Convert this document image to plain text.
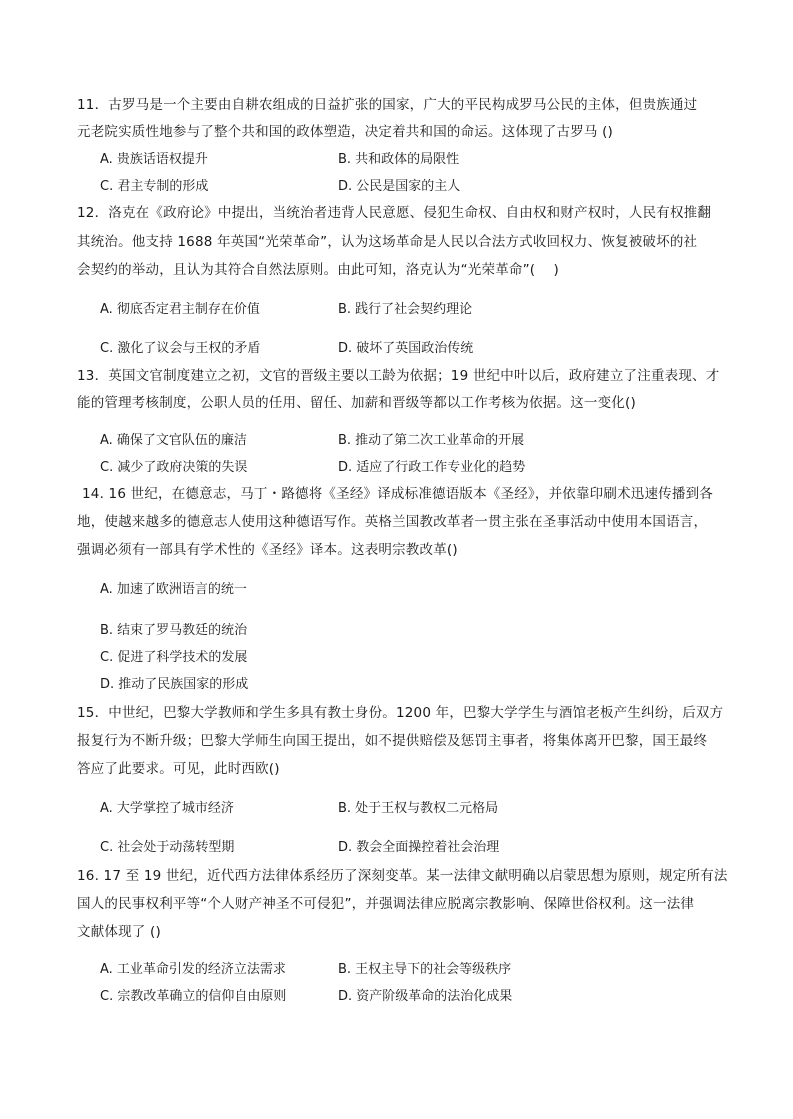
11．古罗马是一个主要由自耕农组成的日益扩张的国家，广大的平民构成罗马公民的主体，但贵族通过
元老院实质性地参与了整个共和国的政体塑造，决定着共和国的命运。这体现了古罗马 ()
A. 贵族话语权提升	B. 共和政体的局限性
C. 君主专制的形成	D. 公民是国家的主人
12．洛克在《政府论》中提出，当统治者违背人民意愿、侵犯生命权、自由权和财产权时，人民有权推翻
其统治。他支持 1688 年英国“光荣革命”，认为这场革命是人民以合法方式收回权力、恢复被破坏的社
会契约的举动，且认为其符合自然法原则。由此可知，洛克认为“光荣革命”(　 )
A. 彻底否定君主制存在价值	B. 践行了社会契约理论
C. 激化了议会与王权的矛盾	D. 破坏了英国政治传统
13．英国文官制度建立之初，文官的晋级主要以工龄为依据；19 世纪中叶以后，政府建立了注重表现、才
能的管理考核制度，公职人员的任用、留任、加薪和晋级等都以工作考核为依据。这一变化()
A. 确保了文官队伍的廉洁	B. 推动了第二次工业革命的开展
C. 减少了政府决策的失误	D. 适应了行政工作专业化的趋势
14. 16 世纪，在德意志，马丁・路德将《圣经》译成标准德语版本《圣经》，并依靠印刷术迅速传播到各
地，使越来越多的德意志人使用这种德语写作。英格兰国教改革者一贯主张在圣事活动中使用本国语言，
强调必须有一部具有学术性的《圣经》译本。这表明宗教改革()
A. 加速了欧洲语言的统一
B. 结束了罗马教廷的统治
C. 促进了科学技术的发展
D. 推动了民族国家的形成
15．中世纪，巴黎大学教师和学生多具有教士身份。1200 年，巴黎大学学生与酒馆老板产生纠纷，后双方
报复行为不断升级；巴黎大学师生向国王提出，如不提供赔偿及惩罚主事者，将集体离开巴黎，国王最终
答应了此要求。可见，此时西欧()
A. 大学掌控了城市经济	B. 处于王权与教权二元格局
C. 社会处于动荡转型期	D. 教会全面操控着社会治理
16. 17 至 19 世纪，近代西方法律体系经历了深刻变革。某一法律文献明确以启蒙思想为原则，规定所有法
国人的民事权利平等“个人财产神圣不可侵犯”，并强调法律应脱离宗教影响、保障世俗权利。这一法律
文献体现了 ()
A. 工业革命引发的经济立法需求	B. 王权主导下的社会等级秩序
C. 宗教改革确立的信仰自由原则	D. 资产阶级革命的法治化成果
